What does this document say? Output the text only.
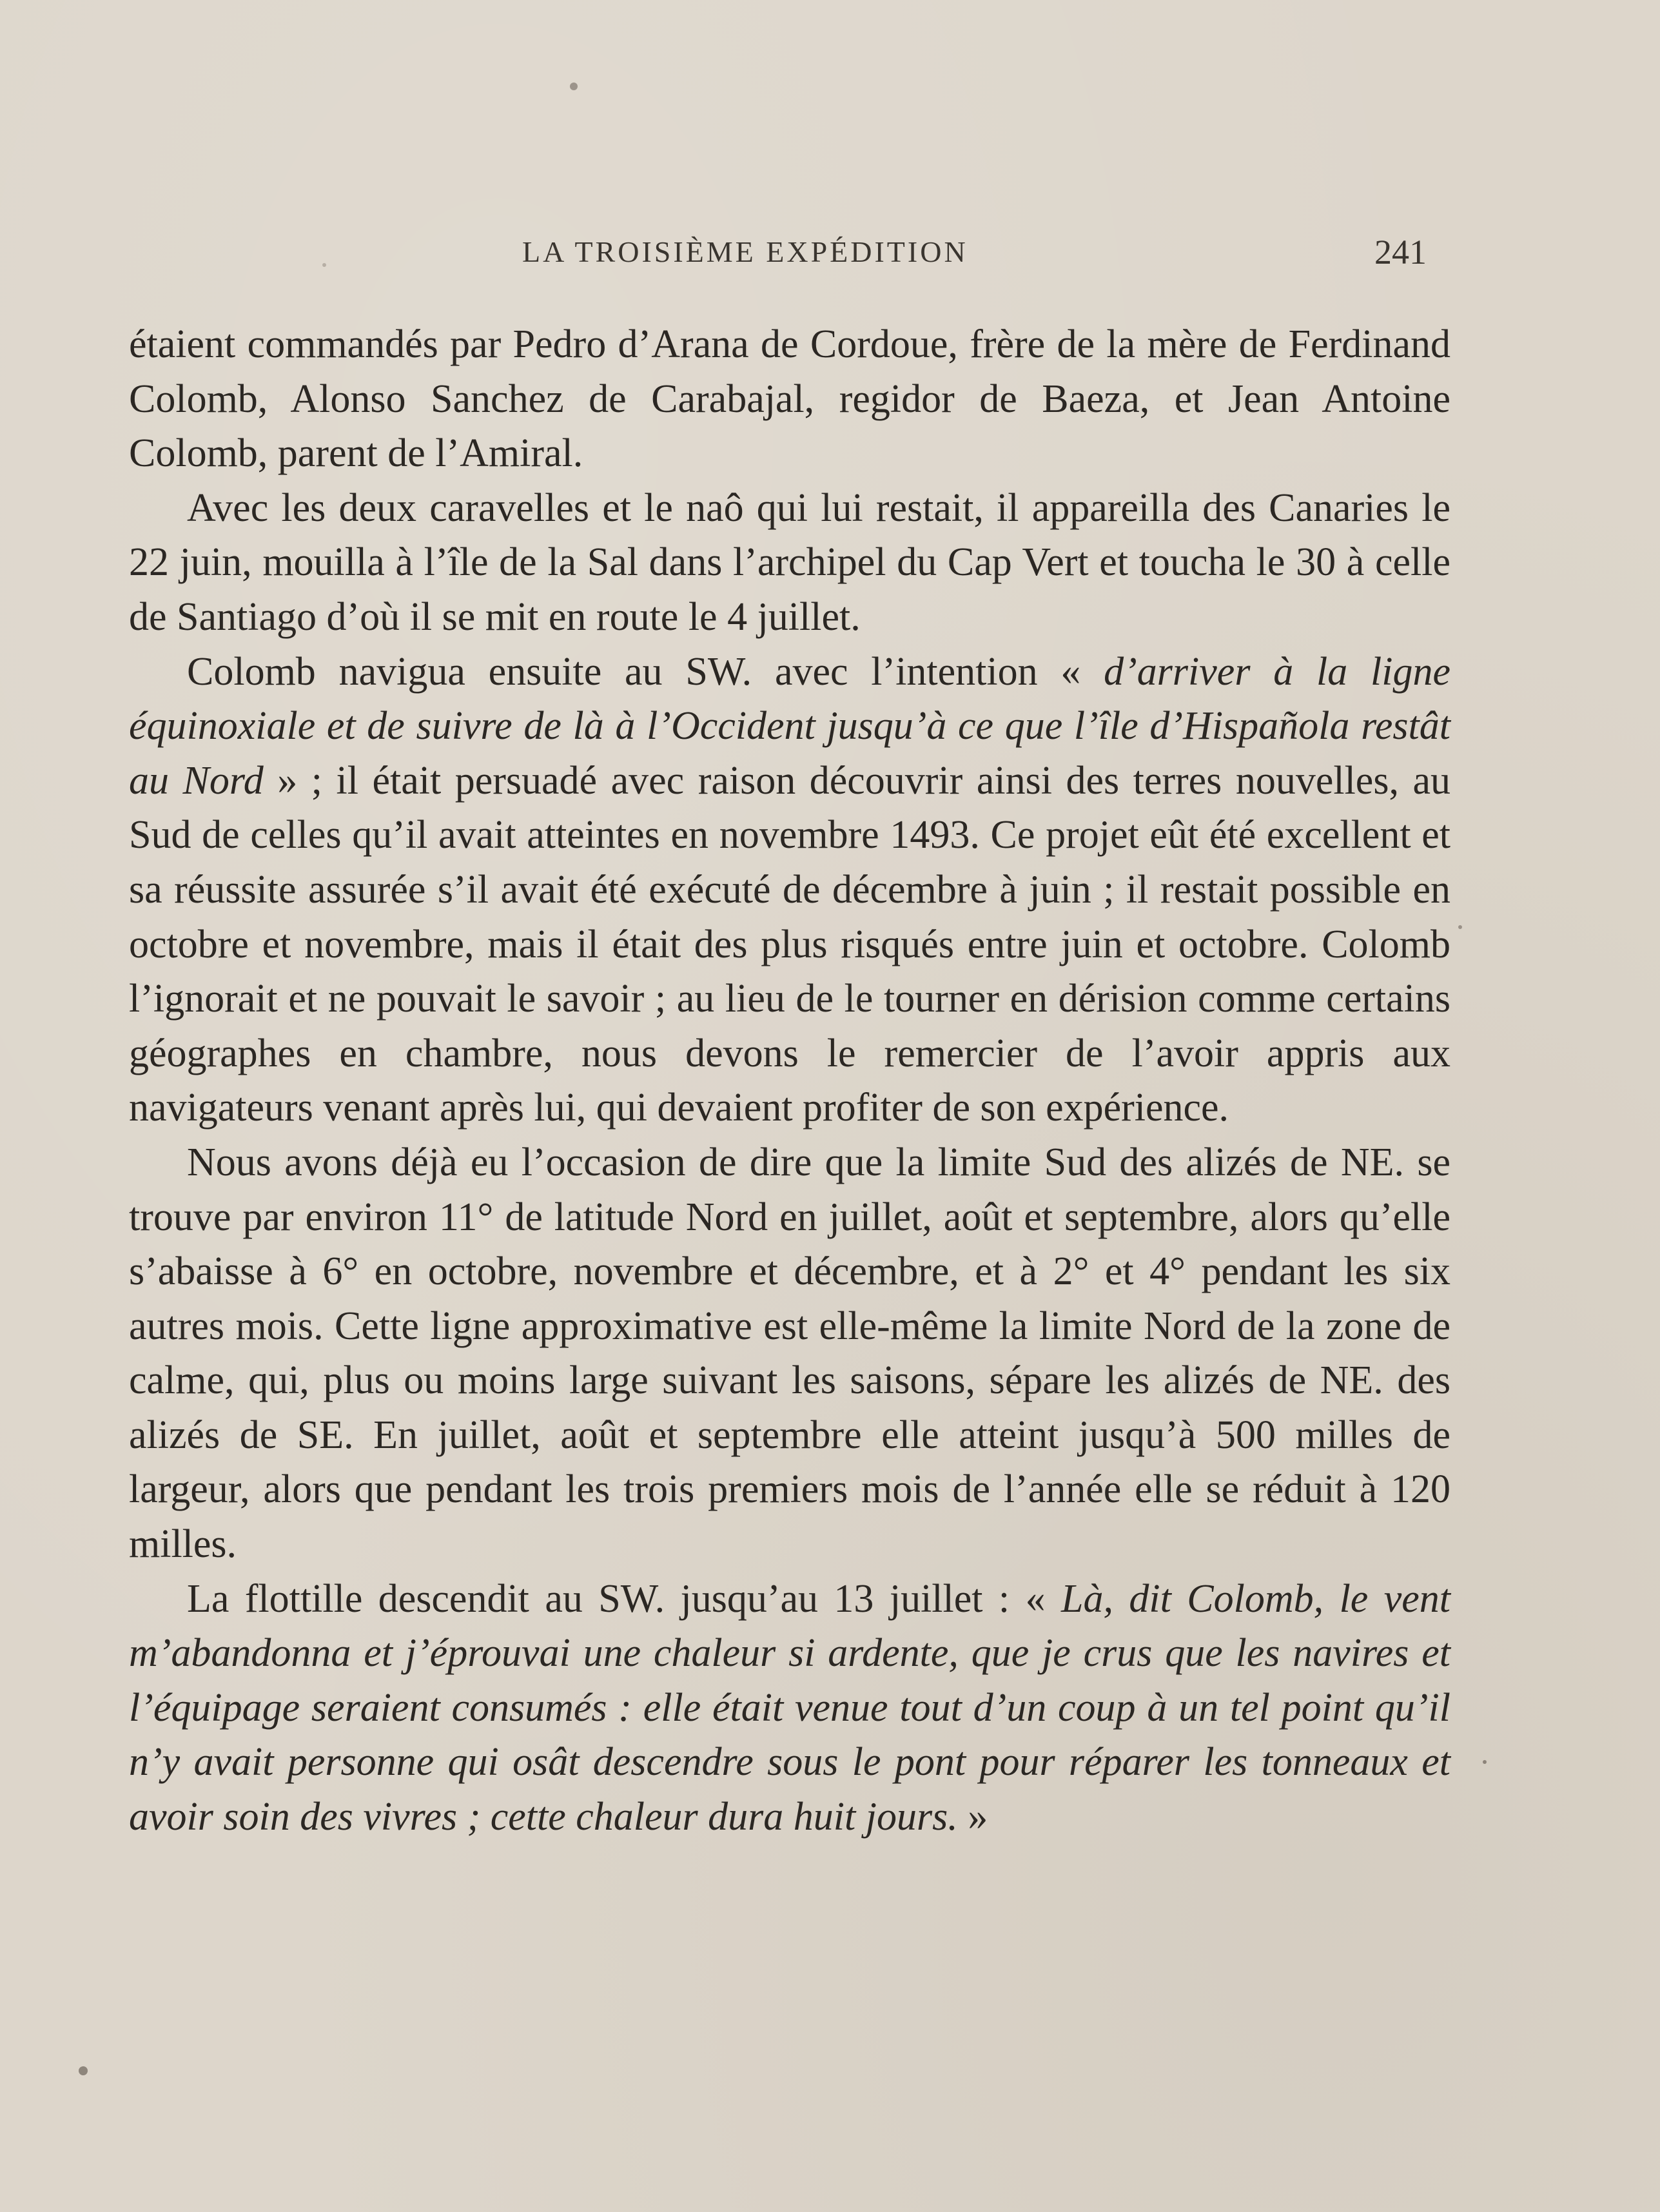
LA TROISIÈME EXPÉDITION	241

étaient commandés par Pedro d’Arana de Cordoue, frère de la mère de Ferdinand Colomb, Alonso Sanchez de Carabajal, regidor de Baeza, et Jean Antoine Colomb, parent de l’Amiral.

Avec les deux caravelles et le naô qui lui restait, il appareilla des Canaries le 22 juin, mouilla à l’île de la Sal dans l’archipel du Cap Vert et toucha le 30 à celle de Santiago d’où il se mit en route le 4 juillet.

Colomb navigua ensuite au SW. avec l’intention « d’arriver à la ligne équinoxiale et de suivre de là à l’Occident jusqu’à ce que l’île d’Hispañola restât au Nord » ; il était persuadé avec raison découvrir ainsi des terres nouvelles, au Sud de celles qu’il avait atteintes en novembre 1493. Ce projet eût été excellent et sa réussite assurée s’il avait été exécuté de décembre à juin ; il restait possible en octobre et novembre, mais il était des plus risqués entre juin et octobre. Colomb l’ignorait et ne pouvait le savoir ; au lieu de le tourner en dérision comme certains géographes en chambre, nous devons le remercier de l’avoir appris aux navigateurs venant après lui, qui devaient profiter de son expérience.

Nous avons déjà eu l’occasion de dire que la limite Sud des alizés de NE. se trouve par environ 11° de latitude Nord en juillet, août et septembre, alors qu’elle s’abaisse à 6° en octobre, novembre et décembre, et à 2° et 4° pendant les six autres mois. Cette ligne approximative est elle-même la limite Nord de la zone de calme, qui, plus ou moins large suivant les saisons, sépare les alizés de NE. des alizés de SE. En juillet, août et septembre elle atteint jusqu’à 500 milles de largeur, alors que pendant les trois premiers mois de l’année elle se réduit à 120 milles.

La flottille descendit au SW. jusqu’au 13 juillet : « Là, dit Colomb, le vent m’abandonna et j’éprouvai une chaleur si ardente, que je crus que les navires et l’équipage seraient consumés : elle était venue tout d’un coup à un tel point qu’il n’y avait personne qui osât descendre sous le pont pour réparer les tonneaux et avoir soin des vivres ; cette chaleur dura huit jours. »
